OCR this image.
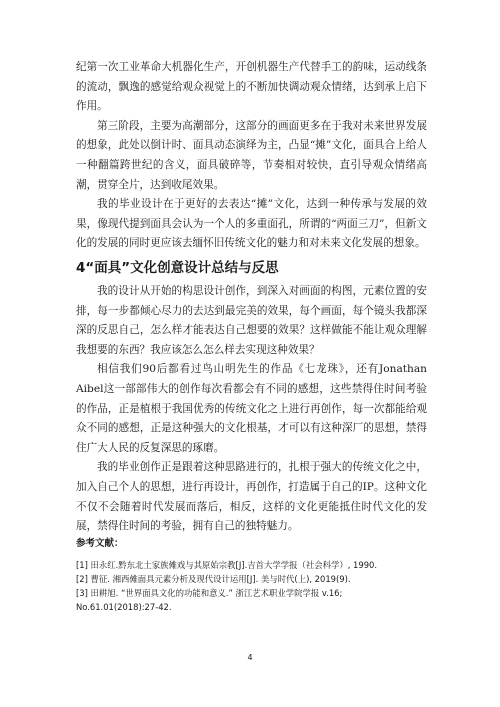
纪第一次工业革命大机器化生产，开创机器生产代替手工的韵味，运动线条的流动，飘逸的感觉给观众视觉上的不断加快调动观众情绪，达到承上启下作用。

第三阶段，主要为高潮部分，这部分的画面更多在于我对未来世界发展的想象，此处以倒计时、面具动态演绎为主，凸显“摊”文化，面具合上给人一种翻篇跨世纪的含义，面具破碎等，节奏相对较快，直引导观众情绪高潮，贯穿全片，达到收尾效果。

我的毕业设计在于更好的去表达“摊”文化，达到一种传承与发展的效果，像现代提到面具会认为一个人的多重面孔，所谓的“两面三刀”，但新文化的发展的同时更应该去缅怀旧传统文化的魅力和对未来文化发展的想象。

4“面具”文化创意设计总结与反思

我的设计从开始的构思设计创作，到深入对画面的构图，元素位置的安排，每一步都倾心尽力的去达到最完美的效果，每个画面，每个镜头我都深深的反思自己，怎么样才能表达自己想要的效果？这样做能不能让观众理解我想要的东西？我应该怎么怎么样去实现这种效果？

相信我们90后都看过鸟山明先生的作品《七龙珠》，还有Jonathan Aibel这一部部伟大的创作每次看都会有不同的感想，这些禁得住时间考验的作品，正是植根于我国优秀的传统文化之上进行再创作，每一次都能给观众不同的感想，正是这种强大的文化根基，才可以有这种深厂的思想，禁得住广大人民的反复深思的琢磨。

我的毕业创作正是跟着这种思路进行的，扎根于强大的传统文化之中，加入自己个人的思想，进行再设计，再创作，打造属于自己的IP。这种文化不仅不会随着时代发展而落后，相反，这样的文化更能抵住时代文化的发展，禁得住时间的考验，拥有自己的独特魅力。

参考文献：

[1] 田永红.黔东北土家族傩戏与其原始宗教[J].吉首大学学报（社会科学）, 1990.

[2] 曹征. 湘西傩面具元素分析及现代设计运用[J]. 美与时代(上), 2019(9).

[3] 田耕旭. “世界面具文化的功能和意义.” 浙江艺术职业学院学报 v.16; No.61.01(2018):27-42.

4
